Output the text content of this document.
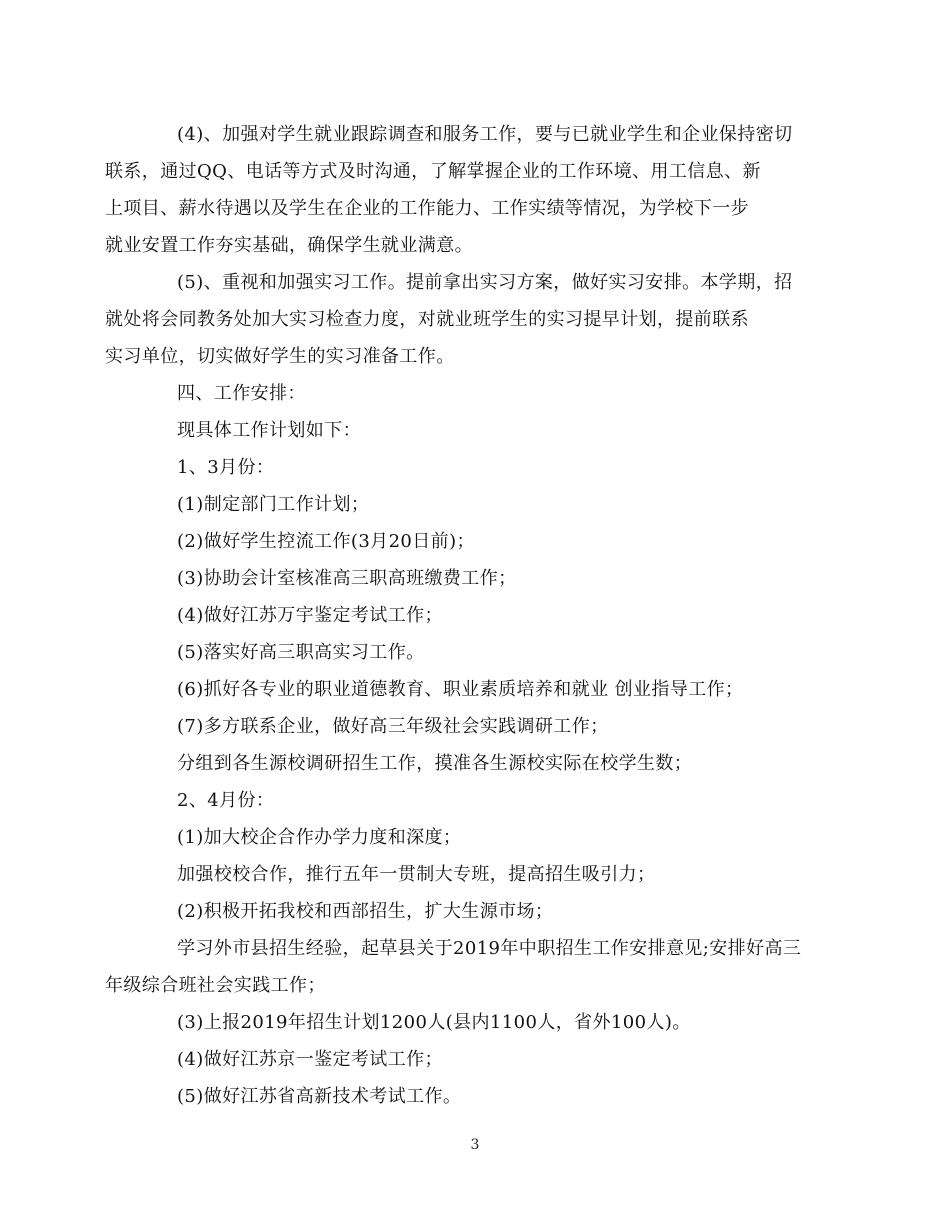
(4)、加强对学生就业跟踪调查和服务工作，要与已就业学生和企业保持密切
联系，通过QQ、电话等方式及时沟通，了解掌握企业的工作环境、用工信息、新
上项目、薪水待遇以及学生在企业的工作能力、工作实绩等情况，为学校下一步
就业安置工作夯实基础，确保学生就业满意。
(5)、重视和加强实习工作。提前拿出实习方案，做好实习安排。本学期，招
就处将会同教务处加大实习检查力度，对就业班学生的实习提早计划，提前联系
实习单位，切实做好学生的实习准备工作。

四、工作安排：

现具体工作计划如下：

1、3月份：

(1)制定部门工作计划；

(2)做好学生控流工作(3月20日前)；

(3)协助会计室核准高三职高班缴费工作；

(4)做好江苏万宇鉴定考试工作；

(5)落实好高三职高实习工作。

(6)抓好各专业的职业道德教育、职业素质培养和就业 创业指导工作；

(7)多方联系企业，做好高三年级社会实践调研工作；

分组到各生源校调研招生工作，摸准各生源校实际在校学生数；

2、4月份：

(1)加大校企合作办学力度和深度；

加强校校合作，推行五年一贯制大专班，提高招生吸引力；

(2)积极开拓我校和西部招生，扩大生源市场；

学习外市县招生经验，起草县关于2019年中职招生工作安排意见;安排好高三
年级综合班社会实践工作；

(3)上报2019年招生计划1200人(县内1100人，省外100人)。

(4)做好江苏京一鉴定考试工作；

(5)做好江苏省高新技术考试工作。

3
